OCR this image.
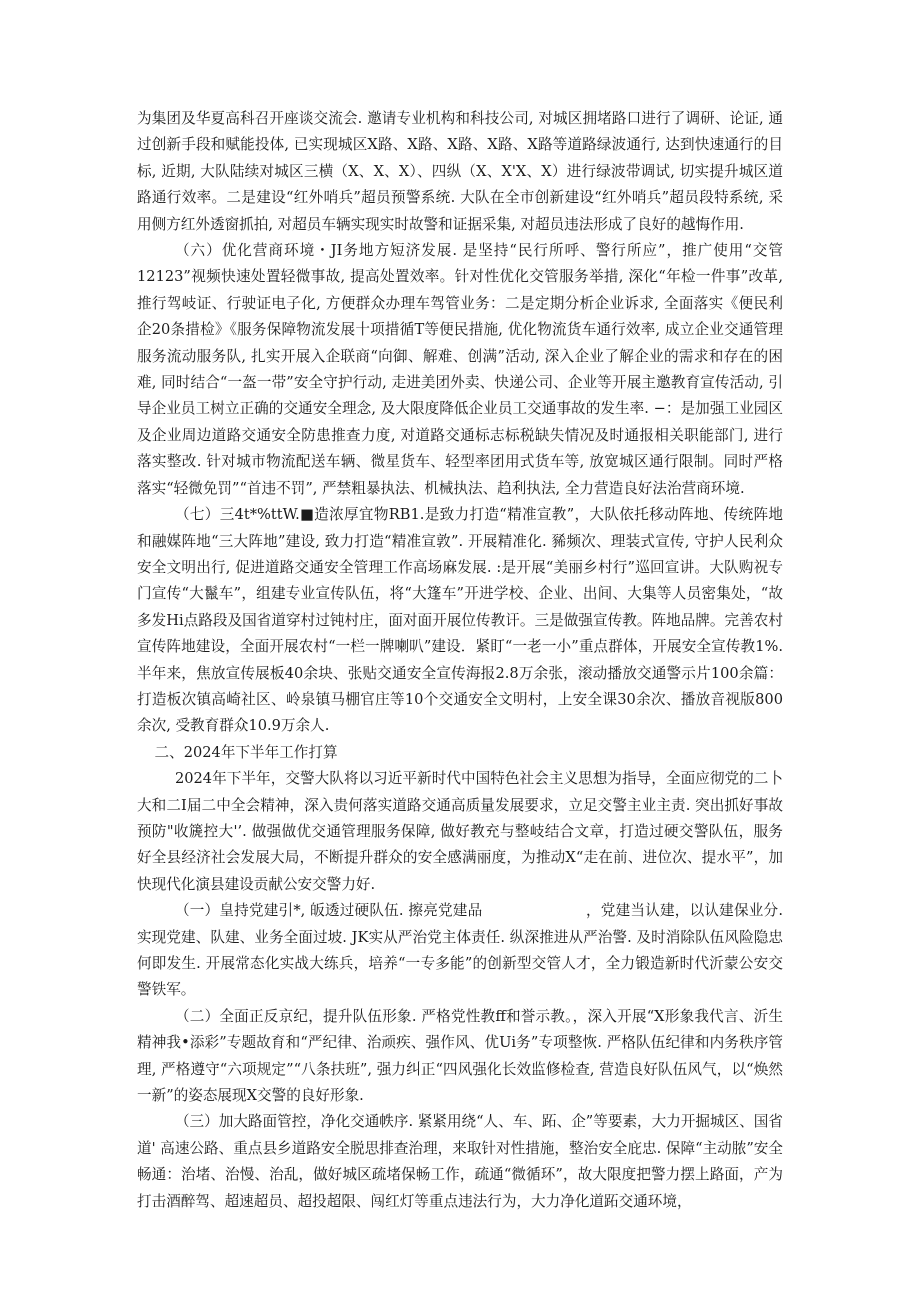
为集团及华夏高科召开座谈交流会. 邀请专业机构和科技公司, 对城区拥堵路口进行了调研、论证, 通过创新手段和赋能投体, 已实现城区X路、X路、X路、X路、X路等道路绿波通行, 达到快速通行的目标, 近期, 大队陆续对城区三横（X、X、X）、四纵（X、X'X、X）进行绿波带调试, 切实提升城区道路通行效率。二是建设“红外哨兵”超员预警系统. 大队在全市创新建设“红外哨兵”超员段特系统, 采用侧方红外透窗抓拍, 对超员车辆实现实时故警和证据采集, 对超员违法形成了良好的越悔作用.

（六）优化营商环境・JI务地方短济发展. 是坚持“民行所呼、警行所应”，推广使用“交管12123”视频快速处置轻微事故, 提高处置效率。针对性优化交管服务举措, 深化“年检一件事”改革, 推行驾岐证、行驶证电子化, 方便群众办理车驾管业务：二是定期分析企业诉求, 全面落实《便民利企20条措检》《服务保障物流发展十项措循T等便民措施, 优化物流货车通行效率, 成立企业交通管理服务流动服务队, 扎实开展入企联商“向御、解难、创满”活动, 深入企业了解企业的需求和存在的困难, 同时结合“一盔一带”安全守护行动, 走进美团外卖、快递公司、企业等开展主邀教育宣传活动, 引导企业员工树立正确的交通安全理念, 及大限度降低企业员工交通事故的发生率. −：是加强工业园区及企业周边道路交通安全防患推查力度, 对道路交通标志标税缺失情况及时通报相关职能部门, 进行落实整改. 针对城市物流配送车辆、微星货车、轻型率团用式货车等, 放宽城区通行限制。同时严格落实“轻微免罚”“首违不罚”, 严禁粗暴执法、机械执法、趋利执法, 全力营造良好法治营商环境.

（七）三4t*%ttW.■造浓厚宜物RB1.是致力打造“精准宣教”，大队依托移动阵地、传统阵地和融媒阵地“三大阵地”建设, 致力打造“精准宣敦”. 开展精准化. 豨频次、理装式宣传, 守护人民利众安全文明出行, 促进道路交通安全管理工作高场麻发展. :是开展“美丽乡村行”巡回宣讲。大队购祝专门宣传“大鬣车”，组建专业宣传队伍，将“大篷车”开进学校、企业、出间、大集等人员密集处，“故多发Hi点路段及国省道穿村过钝村庄，面对面开展位传教讦。三是做强宣传教。阵地品牌。完善农村宣传阵地建设，全面开展农村“一栏一牌喇叭”建设．紧盯“一老一小”重点群体，开展安全宣传教1%.半年来，焦放宣传展板40余块、张贴交通安全宣传海报2.8万余张，滚动播放交通警示片100余篇：打造板次镇高崎社区、岭泉镇马棚官庄等10个交通安全文明村，上安全课30余次、播放音视版800余次, 受教育群众10.9万余人.

二、2024年下半年工作打算

2024年下半年，交警大队将以习近平新时代中国特色社会主义思想为指导，全面应彻党的二卜大和二I届二中全会精神，深入贵何落实道路交通高质量发展要求，立足交警主业主责. 突出抓好事故预防"收篪控大'’. 做强做优交通管理服务保障, 做好教充与整岐结合文章，打造过硬交警队伍，服务好全县经济社会发展大局，不断提升群众的安全感满丽度，为推动X“走在前、进位次、提水平”，加快现代化演县建设贡献公安交警力好.

（一）皇持党建引*, 皈透过硬队伍. 擦亮党建品　　　　　　　，党建当认建，以认建保业分. 实现党建、队建、业务全面过坡. JK实从严治党主体责任. 纵深推进从严治警. 及时消除队伍风险隐忠何即发生. 开展常态化实战大练兵，培养“一专多能”的创新型交管人才，全力锻造新时代沂蒙公安交警铁军。

（二）全面正反京纪，提升队伍形象. 严格党性教ff和誉示教。，深入开展“X形象我代言、沂生精神我•添彩”专题故育和“严纪律、治顽疾、强作风、优Ui务”专项整恢. 严格队伍纪律和内务秩序管理, 严格遵守“六项规定”“八条扶班”, 强力纠正“四风强化长效监修检查, 营造良好队伍风气，以“焕然一新”的姿态展现X交警的良好形象.

（三）加大路面管控，净化交通帙序. 紧紧用绕“人、车、跖、企”等要素，大力开掘城区、国省道' 高速公路、重点县乡道路安全脱思排查治理，来取针对性措施，整治安全庇忠. 保障“主动脓”安全畅通：治堵、治慢、治乱，做好城区疏堵保畅工作，疏通“微循环”，故大限度把警力摆上路面，产为打击酒醉驾、超速超员、超投超限、闯红灯等重点违法行为，大力净化道跖交通环境，
